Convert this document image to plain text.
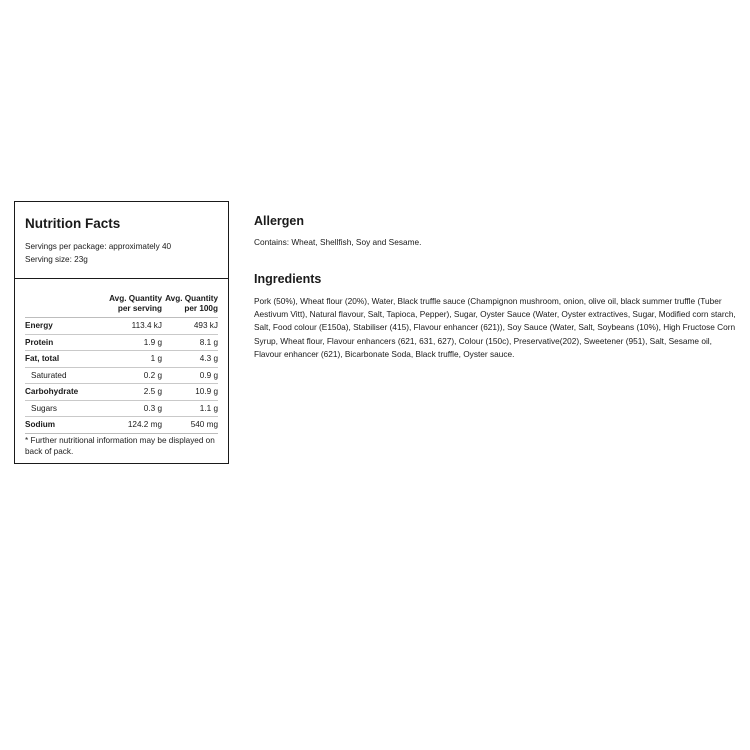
Nutrition Facts
Servings per package: approximately 40
Serving size: 23g
Avg. Quantity
per serving
Avg. Quantity
per 100g
Energy	113.4 kJ	493 kJ
Protein	1.9 g	8.1 g
Fat, total	1 g	4.3 g
Saturated	0.2 g	0.9 g
Carbohydrate	2.5 g	10.9 g
Sugars	0.3 g	1.1 g
Sodium	124.2 mg	540 mg
* Further nutritional information may be displayed on back of pack.
Allergen
Contains: Wheat, Shellfish, Soy and Sesame.
Ingredients
Pork (50%), Wheat flour (20%), Water, Black truffle sauce (Champignon mushroom, onion, olive oil, black summer truffle (Tuber Aestivum Vitt), Natural flavour, Salt, Tapioca, Pepper), Sugar, Oyster Sauce (Water, Oyster extractives, Sugar, Modified corn starch, Salt, Food colour (E150a), Stabiliser (415), Flavour enhancer (621)), Soy Sauce (Water, Salt, Soybeans (10%), High Fructose Corn Syrup, Wheat flour, Flavour enhancers (621, 631, 627), Colour (150c), Preservative(202), Sweetener (951), Salt, Sesame oil, Flavour enhancer (621), Bicarbonate Soda, Black truffle, Oyster sauce.
